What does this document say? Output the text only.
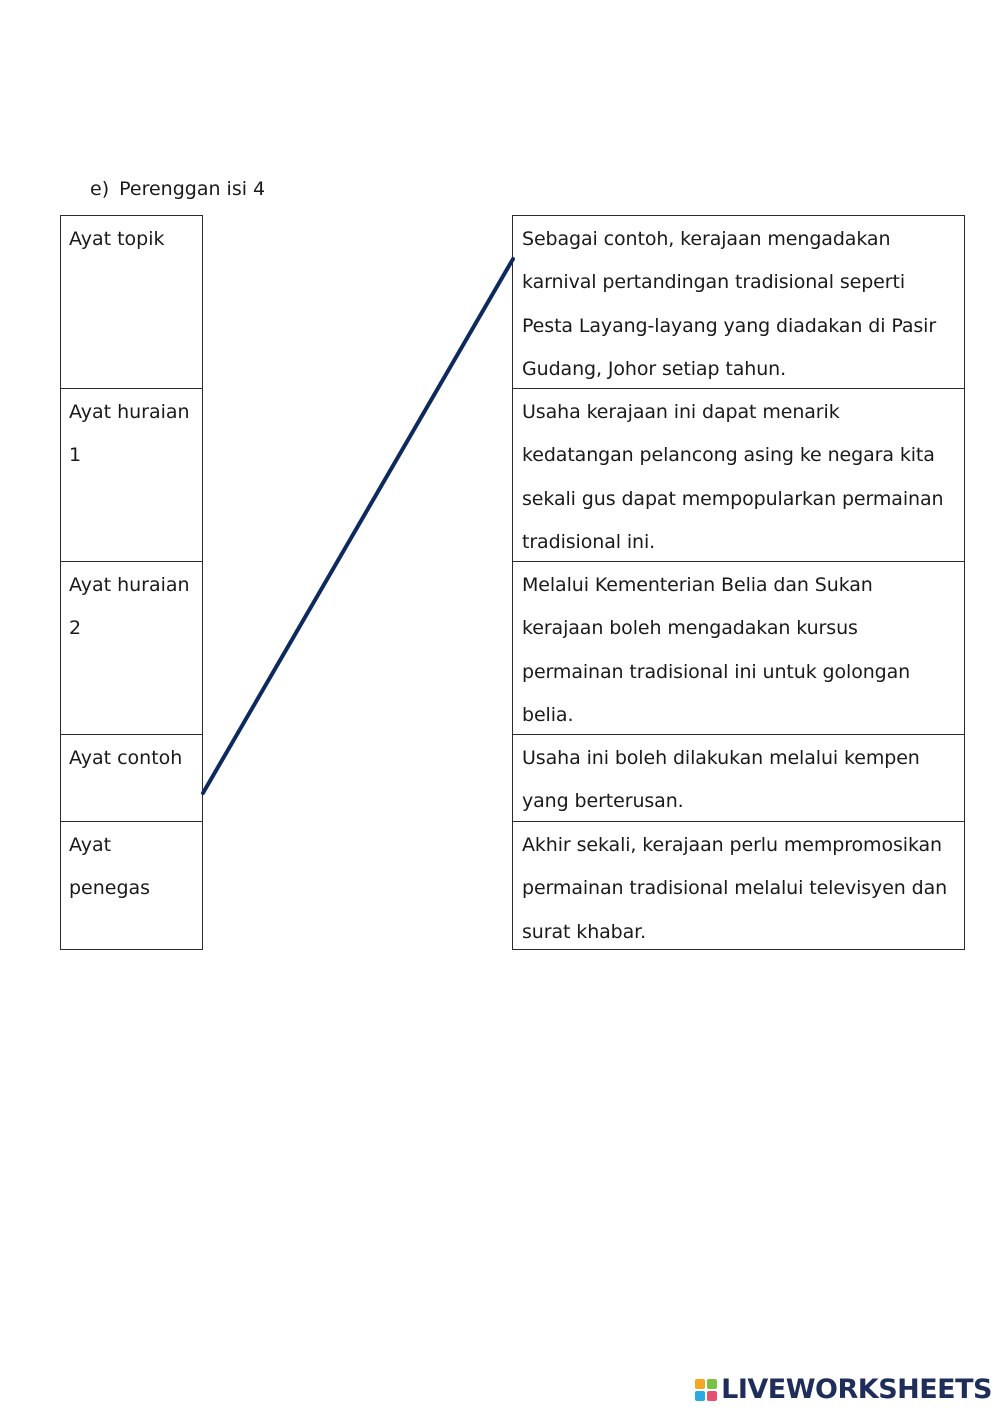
e) Perenggan isi 4
Ayat topik
Ayat huraian
1
Ayat huraian
2
Ayat contoh
Ayat
penegas
Sebagai contoh, kerajaan mengadakan
karnival pertandingan tradisional seperti
Pesta Layang-layang yang diadakan di Pasir
Gudang, Johor setiap tahun.
Usaha kerajaan ini dapat menarik
kedatangan pelancong asing ke negara kita
sekali gus dapat mempopularkan permainan
tradisional ini.
Melalui Kementerian Belia dan Sukan
kerajaan boleh mengadakan kursus
permainan tradisional ini untuk golongan
belia.
Usaha ini boleh dilakukan melalui kempen
yang berterusan.
Akhir sekali, kerajaan perlu mempromosikan
permainan tradisional melalui televisyen dan
surat khabar.
LIVEWORKSHEETS
